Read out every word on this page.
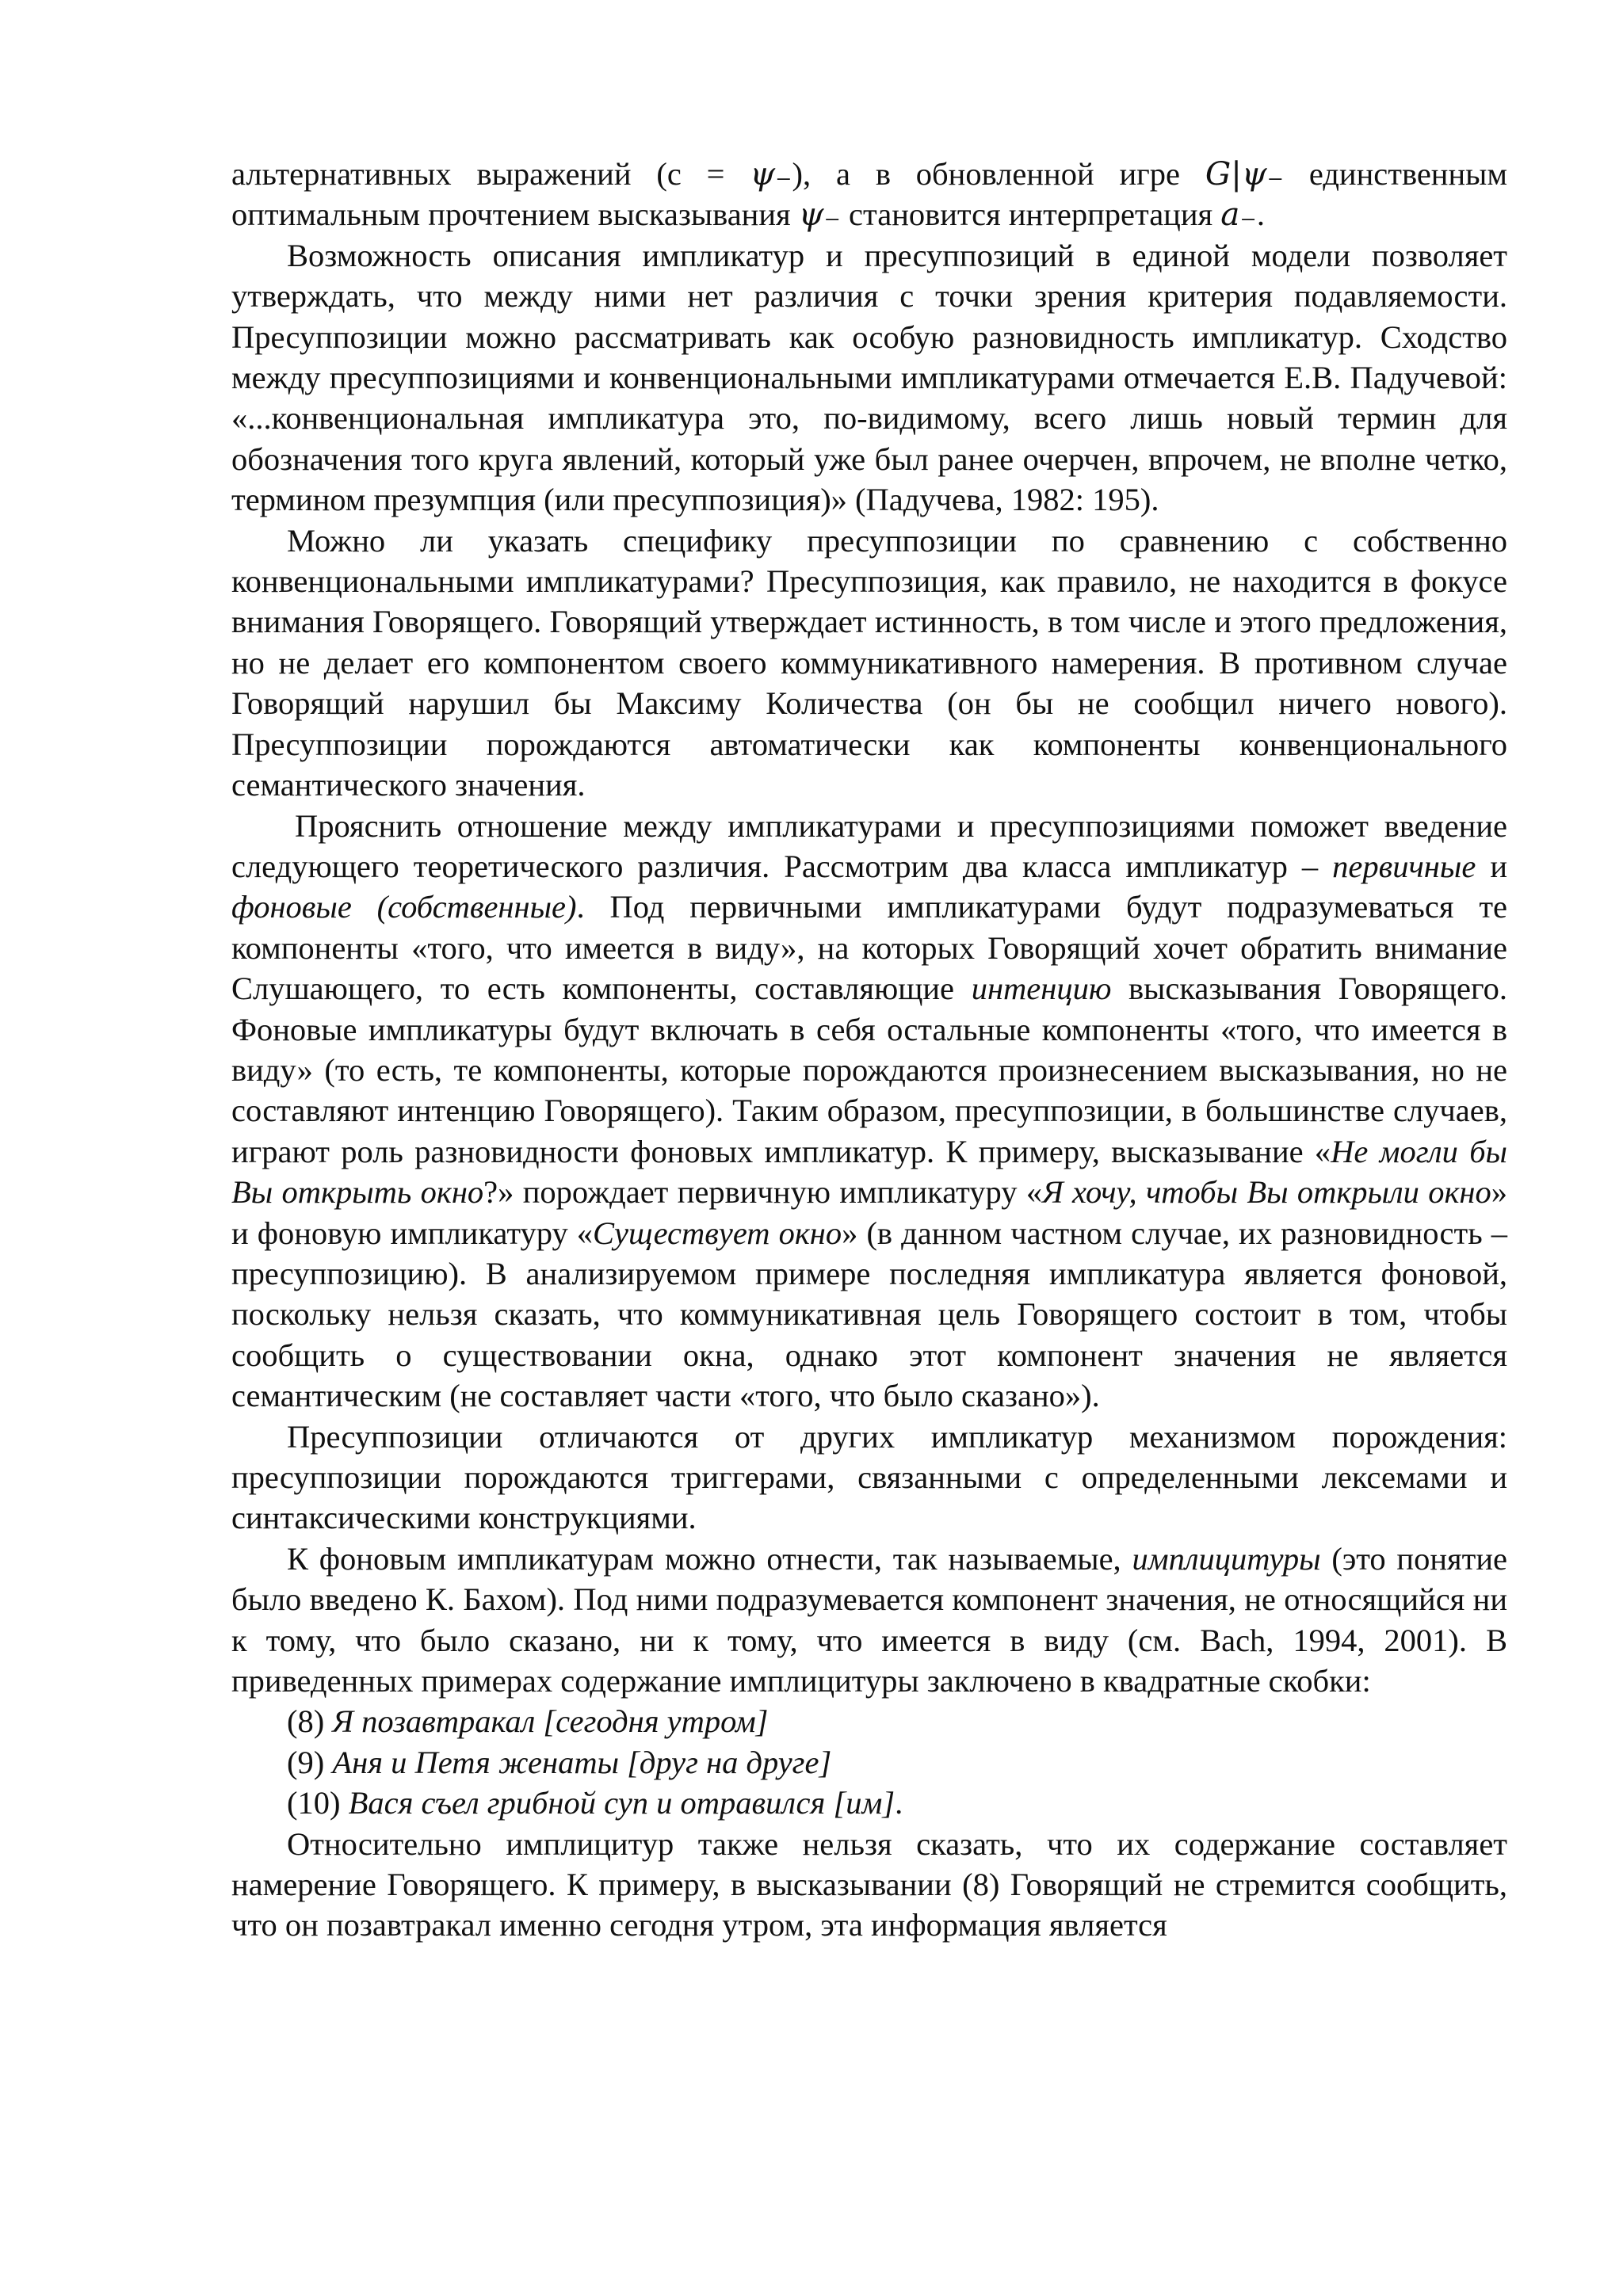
альтернативных выражений (с = ψ₋), а в обновленной игре G|ψ₋ единственным оптимальным прочтением высказывания ψ₋ становится интерпретация a₋.

Возможность описания импликатур и пресуппозиций в единой модели позволяет утверждать, что между ними нет различия с точки зрения критерия подавляемости. Пресуппозиции можно рассматривать как особую разновидность импликатур. Сходство между пресуппозициями и конвенциональными импликатурами отмечается Е.В. Падучевой: «...конвенциональная импликатура это, по-видимому, всего лишь новый термин для обозначения того круга явлений, который уже был ранее очерчен, впрочем, не вполне четко, термином презумпция (или пресуппозиция)» (Падучева, 1982: 195).

Можно ли указать специфику пресуппозиции по сравнению с собственно конвенциональными импликатурами? Пресуппозиция, как правило, не находится в фокусе внимания Говорящего. Говорящий утверждает истинность, в том числе и этого предложения, но не делает его компонентом своего коммуникативного намерения. В противном случае Говорящий нарушил бы Максиму Количества (он бы не сообщил ничего нового). Пресуппозиции порождаются автоматически как компоненты конвенционального семантического значения.

Прояснить отношение между импликатурами и пресуппозициями поможет введение следующего теоретического различия. Рассмотрим два класса импликатур – первичные и фоновые (собственные). Под первичными импликатурами будут подразумеваться те компоненты «того, что имеется в виду», на которых Говорящий хочет обратить внимание Слушающего, то есть компоненты, составляющие интенцию высказывания Говорящего. Фоновые импликатуры будут включать в себя остальные компоненты «того, что имеется в виду» (то есть, те компоненты, которые порождаются произнесением высказывания, но не составляют интенцию Говорящего). Таким образом, пресуппозиции, в большинстве случаев, играют роль разновидности фоновых импликатур. К примеру, высказывание «Не могли бы Вы открыть окно?» порождает первичную импликатуру «Я хочу, чтобы Вы открыли окно» и фоновую импликатуру «Существует окно» (в данном частном случае, их разновидность – пресуппозицию). В анализируемом примере последняя импликатура является фоновой, поскольку нельзя сказать, что коммуникативная цель Говорящего состоит в том, чтобы сообщить о существовании окна, однако этот компонент значения не является семантическим (не составляет части «того, что было сказано»).

Пресуппозиции отличаются от других импликатур механизмом порождения: пресуппозиции порождаются триггерами, связанными с определенными лексемами и синтаксическими конструкциями.

К фоновым импликатурам можно отнести, так называемые, имплицитуры (это понятие было введено К. Бахом). Под ними подразумевается компонент значения, не относящийся ни к тому, что было сказано, ни к тому, что имеется в виду (см. Bach, 1994, 2001). В приведенных примерах содержание имплицитуры заключено в квадратные скобки:

(8) Я позавтракал [сегодня утром]

(9) Аня и Петя женаты [друг на друге]

(10) Вася съел грибной суп и отравился [им].

Относительно имплицитур также нельзя сказать, что их содержание составляет намерение Говорящего. К примеру, в высказывании (8) Говорящий не стремится сообщить, что он позавтракал именно сегодня утром, эта информация является
